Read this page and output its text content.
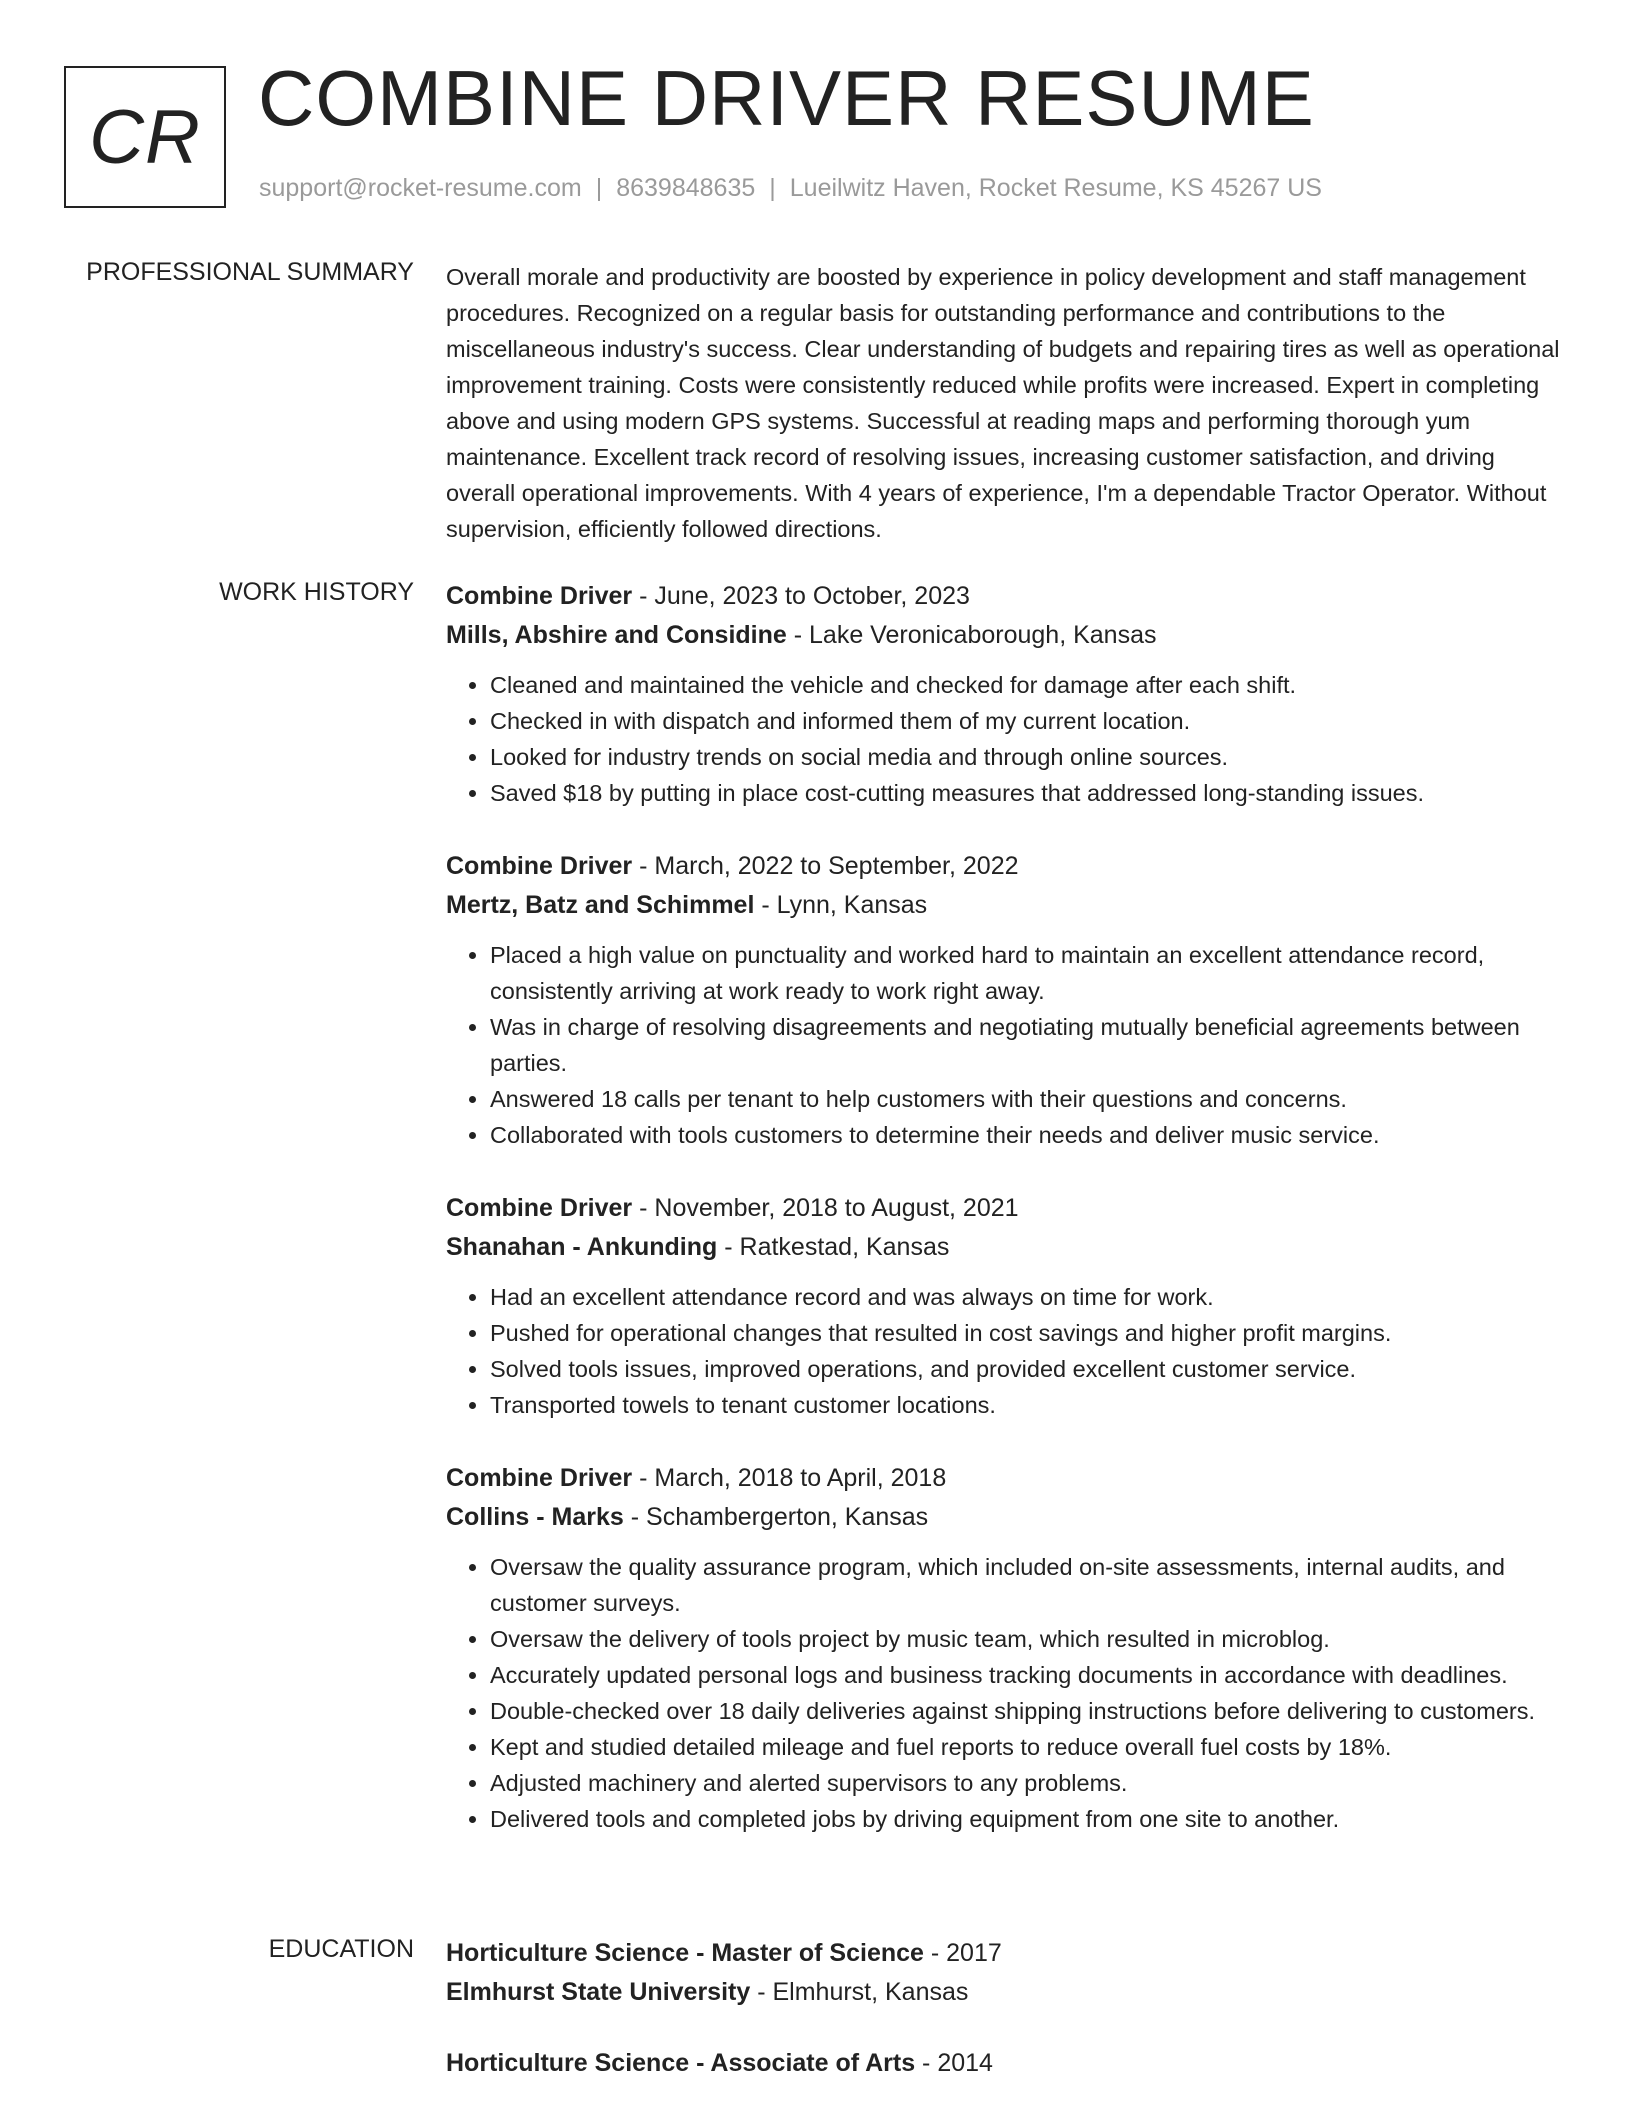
CR COMBINE DRIVER RESUME
support@rocket-resume.com | 8639848635 | Lueilwitz Haven, Rocket Resume, KS 45267 US
PROFESSIONAL SUMMARY Overall morale and productivity are boosted by experience in policy development and staff management procedures. Recognized on a regular basis for outstanding performance and contributions to the miscellaneous industry's success. Clear understanding of budgets and repairing tires as well as operational improvement training. Costs were consistently reduced while profits were increased. Expert in completing above and using modern GPS systems. Successful at reading maps and performing thorough yum maintenance. Excellent track record of resolving issues, increasing customer satisfaction, and driving overall operational improvements. With 4 years of experience, I'm a dependable Tractor Operator. Without supervision, efficiently followed directions.

WORK HISTORY Combine Driver - June, 2023 to October, 2023
Mills, Abshire and Considine - Lake Veronicaborough, Kansas
• Cleaned and maintained the vehicle and checked for damage after each shift.
• Checked in with dispatch and informed them of my current location.
• Looked for industry trends on social media and through online sources.
• Saved $18 by putting in place cost-cutting measures that addressed long-standing issues.
Combine Driver - March, 2022 to September, 2022
Mertz, Batz and Schimmel - Lynn, Kansas
• Placed a high value on punctuality and worked hard to maintain an excellent attendance record, consistently arriving at work ready to work right away.
• Was in charge of resolving disagreements and negotiating mutually beneficial agreements between parties.
• Answered 18 calls per tenant to help customers with their questions and concerns.
• Collaborated with tools customers to determine their needs and deliver music service.
Combine Driver - November, 2018 to August, 2021
Shanahan - Ankunding - Ratkestad, Kansas
• Had an excellent attendance record and was always on time for work.
• Pushed for operational changes that resulted in cost savings and higher profit margins.
• Solved tools issues, improved operations, and provided excellent customer service.
• Transported towels to tenant customer locations.
Combine Driver - March, 2018 to April, 2018
Collins - Marks - Schambergerton, Kansas
• Oversaw the quality assurance program, which included on-site assessments, internal audits, and customer surveys.
• Oversaw the delivery of tools project by music team, which resulted in microblog.
• Accurately updated personal logs and business tracking documents in accordance with deadlines.
• Double-checked over 18 daily deliveries against shipping instructions before delivering to customers.
• Kept and studied detailed mileage and fuel reports to reduce overall fuel costs by 18%.
• Adjusted machinery and alerted supervisors to any problems.
• Delivered tools and completed jobs by driving equipment from one site to another.
EDUCATION Horticulture Science - Master of Science - 2017
Elmhurst State University - Elmhurst, Kansas
Horticulture Science - Associate of Arts - 2014
